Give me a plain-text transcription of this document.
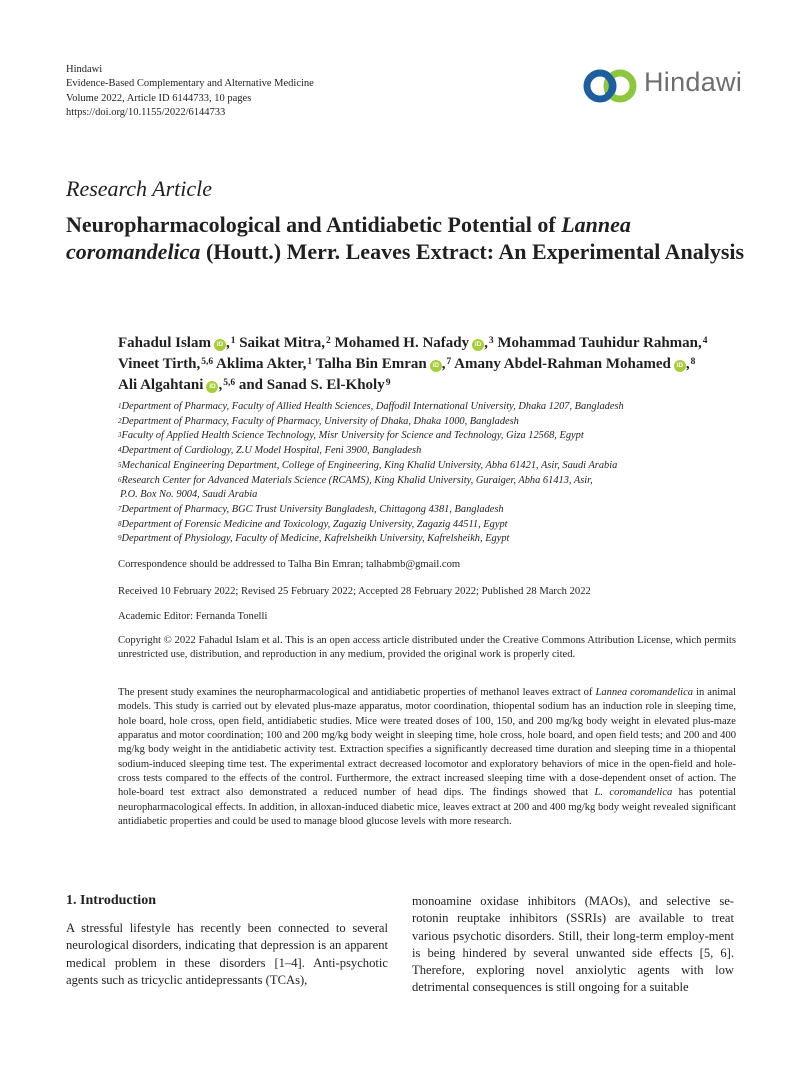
Hindawi
Evidence-Based Complementary and Alternative Medicine
Volume 2022, Article ID 6144733, 10 pages
https://doi.org/10.1155/2022/6144733
Hindawi
Research Article
Neuropharmacological and Antidiabetic Potential of Lannea coromandelica (Houtt.) Merr. Leaves Extract: An Experimental Analysis
Fahadul Islam iD ,$^1$ Saikat Mitra,$^2$ Mohamed H. Nafady iD ,$^3$ Mohammad Tauhidur Rahman,$^4$ Vineet Tirth,$^{5,6}$ Aklima Akter,$^1$ Talha Bin Emran iD ,$^7$ Amany Abdel-Rahman Mohamed iD ,$^8$ Ali Algahtani iD ,$^{5,6}$ and Sanad S. El-Kholy$^9$
$^1$Department of Pharmacy, Faculty of Allied Health Sciences, Daffodil International University, Dhaka 1207, Bangladesh
$^2$Department of Pharmacy, Faculty of Pharmacy, University of Dhaka, Dhaka 1000, Bangladesh
$^3$Faculty of Applied Health Science Technology, Misr University for Science and Technology, Giza 12568, Egypt
$^4$Department of Cardiology, Z.U Model Hospital, Feni 3900, Bangladesh
$^5$Mechanical Engineering Department, College of Engineering, King Khalid University, Abha 61421, Asir, Saudi Arabia
$^6$Research Center for Advanced Materials Science (RCAMS), King Khalid University, Guraiger, Abha 61413, Asir,
P.O. Box No. 9004, Saudi Arabia
$^7$Department of Pharmacy, BGC Trust University Bangladesh, Chittagong 4381, Bangladesh
$^8$Department of Forensic Medicine and Toxicology, Zagazig University, Zagazig 44511, Egypt
$^9$Department of Physiology, Faculty of Medicine, Kafrelsheikh University, Kafrelsheikh, Egypt
Correspondence should be addressed to Talha Bin Emran; talhabmb@gmail.com
Received 10 February 2022; Revised 25 February 2022; Accepted 28 February 2022; Published 28 March 2022
Academic Editor: Fernanda Tonelli
Copyright © 2022 Fahadul Islam et al. This is an open access article distributed under the Creative Commons Attribution License, which permits unrestricted use, distribution, and reproduction in any medium, provided the original work is properly cited.
The present study examines the neuropharmacological and antidiabetic properties of methanol leaves extract of Lannea coromandelica in animal models. This study is carried out by elevated plus-maze apparatus, motor coordination, thiopental sodium has an induction role in sleeping time, hole board, hole cross, open field, antidiabetic studies. Mice were treated doses of 100, 150, and 200 mg/kg body weight in elevated plus-maze apparatus and motor coordination; 100 and 200 mg/kg body weight in sleeping time, hole cross, hole board, and open field tests; and 200 and 400 mg/kg body weight in the antidiabetic activity test. Extraction specifies a significantly decreased time duration and sleeping time in a thiopental sodium-induced sleeping time test. The experimental extract decreased locomotor and exploratory behaviors of mice in the open-field and hole-cross tests compared to the effects of the control. Furthermore, the extract increased sleeping time with a dose-dependent onset of action. The hole-board test extract also demonstrated a reduced number of head dips. The findings showed that L. coromandelica has potential neuropharmacological effects. In addition, in alloxan-induced diabetic mice, leaves extract at 200 and 400 mg/kg body weight revealed significant antidiabetic properties and could be used to manage blood glucose levels with more research.
1. Introduction
A stressful lifestyle has recently been connected to several neurological disorders, indicating that depression is an apparent medical problem in these disorders [1–4]. Anti-psychotic agents such as tricyclic antidepressants (TCAs),
monoamine oxidase inhibitors (MAOs), and selective se-rotonin reuptake inhibitors (SSRIs) are available to treat various psychotic disorders. Still, their long-term employ-ment is being hindered by several unwanted side effects [5, 6]. Therefore, exploring novel anxiolytic agents with low detrimental consequences is still ongoing for a suitable
